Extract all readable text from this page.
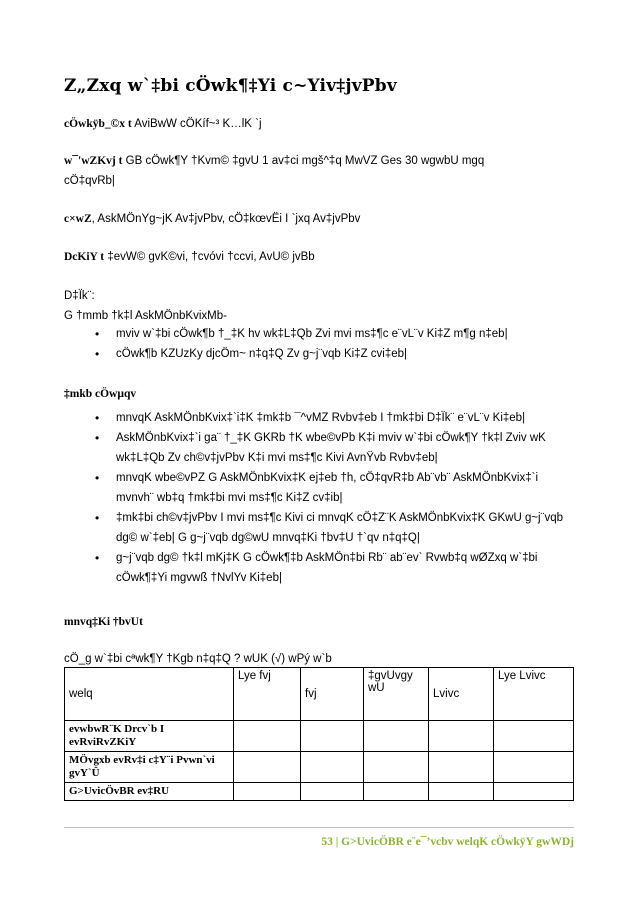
Z„Zxq w`‡bi cÖwk¶‡Yi c~Yiv‡jvPbv
cÖwkÿb_©x t AviBwW cÖKíf~³ K…lK `j
w¯'wZKvj t GB cÖwk¶Y †Kvm© ‡gvU 1 av‡ci mgš^‡q MwVZ Ges 30 wgwbU mgq
cÖ‡qvRb|
c×wZ, AskMÖnYg~jK Av‡jvPbv, cÖ‡kœvËi I `jxq Av‡jvPbv
DcKiY t ‡evW© gvK©vi, †cvóvi †ccvi, AvU© jvBb
D‡Ïk¨:
G †mmb †k‡l AskMÖnbKvixMb-
• mviv w`‡bi cÖwk¶b †_‡K hv wk‡L‡Qb Zvi mvi ms‡¶c e¨vL¨v Ki‡Z m¶g n‡eb|
• cÖwk¶b KZUzKy djcÖm~ n‡q‡Q Zv g~j¨vqb Ki‡Z cvi‡eb|
‡mkb cÖwµqv
• mnvqK AskMÖnbKvix‡`i‡K ‡mk‡b ¯^vMZ Rvbv‡eb I †mk‡bi D‡Ïk¨ e¨vL¨v Ki‡eb|
• AskMÖnbKvix‡`i ga¨ †_‡K GKRb †K wbe©vPb K‡i mviv w`‡bi cÖwk¶Y †k‡l Zviv wK wk‡L‡Qb Zv ch©v‡jvPbv K‡i mvi ms‡¶c Kivi AvnŸvb Rvbv‡eb|
• mnvqK wbe©vPZ G AskMÖnbKvix‡K ej‡eb †h, cÖ‡qvR‡b Ab¨vb¨ AskMÖnbKvix‡`i mvnvh¨ wb‡q †mk‡bi mvi ms‡¶c Ki‡Z cv‡ib|
• ‡mk‡bi ch©v‡jvPbv I mvi ms‡¶c Kivi ci mnvqK cÖ‡Z¨K AskMÖnbKvix‡K GKwU g~j¨vqb dg© w`‡eb| G g~j¨vqb dg©wU mnvq‡Ki †bv‡U †`qv n‡q‡Q|
• g~j¨vqb dg© †k‡l mKj‡K G cÖwk¶‡b AskMÖn‡bi Rb¨ ab¨ev` Rvwb‡q wØZxq w`‡bi cÖwk¶‡Yi mgvwß †NvlYv Ki‡eb|
mnvq‡Ki †bvUt
cÖ_g w`‡bi cªwk¶Y †Kgb n‡q‡Q ? wUK (√) wPý w`b
welq	Lye fvj	fvj	‡gvUvgy wU	Lvivc	Lye Lvivc
evwbwR¨K Drcv`b I evRviRvZKiY					
MÖvgxb evRv‡i c‡Y¨i Pvwn`vi gvY`Û					
G>UvicÖvBR ev‡RU					
53 | G>UvicÖBR e¨e¯’vcbv welqK cÖwkÿY gwWDj
